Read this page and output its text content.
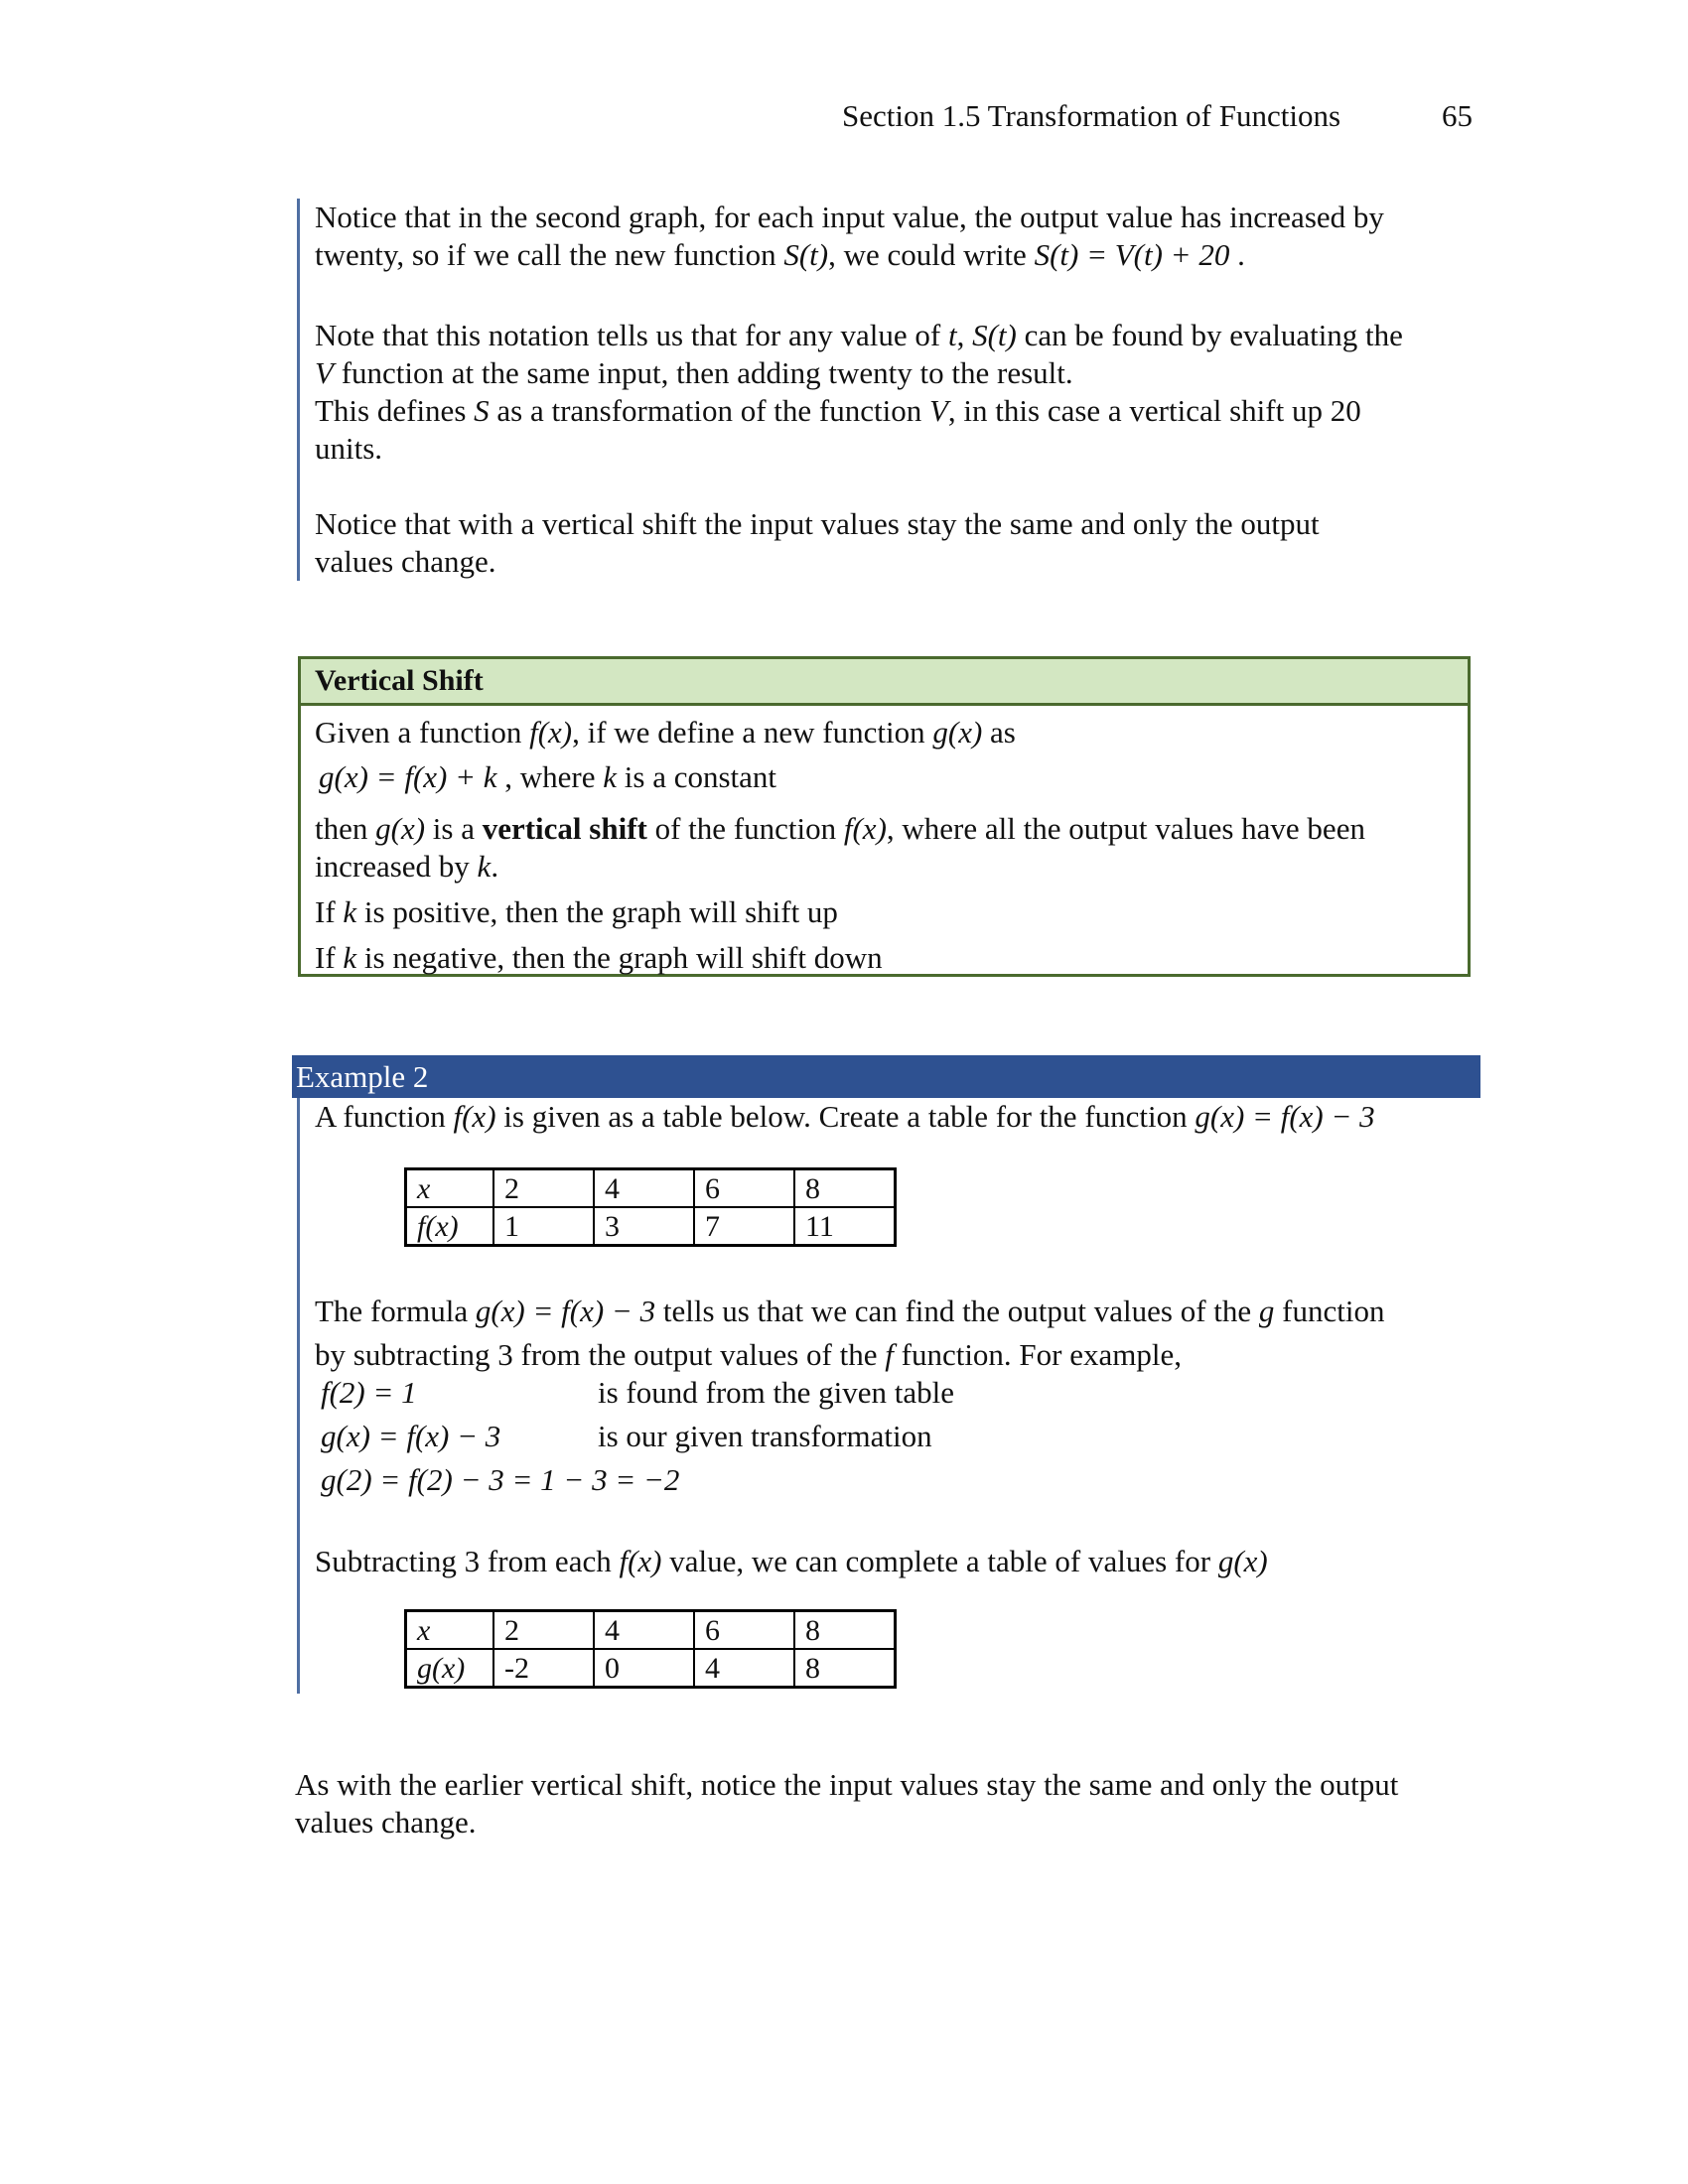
Section 1.5 Transformation of Functions	65

Notice that in the second graph, for each input value, the output value has increased by

twenty, so if we call the new function S(t), we could write S(t) = V(t) + 20 .

Note that this notation tells us that for any value of t, S(t) can be found by evaluating the

V function at the same input, then adding twenty to the result.

This defines S as a transformation of the function V, in this case a vertical shift up 20

units.

Notice that with a vertical shift the input values stay the same and only the output

values change.

Vertical Shift

Given a function f(x), if we define a new function g(x) as

g(x) = f(x) + k , where k is a constant

then g(x) is a vertical shift of the function f(x), where all the output values have been

increased by k.

If k is positive, then the graph will shift up

If k is negative, then the graph will shift down

Example 2

A function f(x) is given as a table below. Create a table for the function g(x) = f(x) − 3

x	2	4	6	8
f(x)	1	3	7	11

The formula g(x) = f(x) − 3 tells us that we can find the output values of the g function

by subtracting 3 from the output values of the f function. For example,

f(2) = 1	is found from the given table
g(x) = f(x) − 3	is our given transformation
g(2) = f(2) − 3 = 1 − 3 = −2

Subtracting 3 from each f(x) value, we can complete a table of values for g(x)

x	2	4	6	8
g(x)	-2	0	4	8

As with the earlier vertical shift, notice the input values stay the same and only the output

values change.
